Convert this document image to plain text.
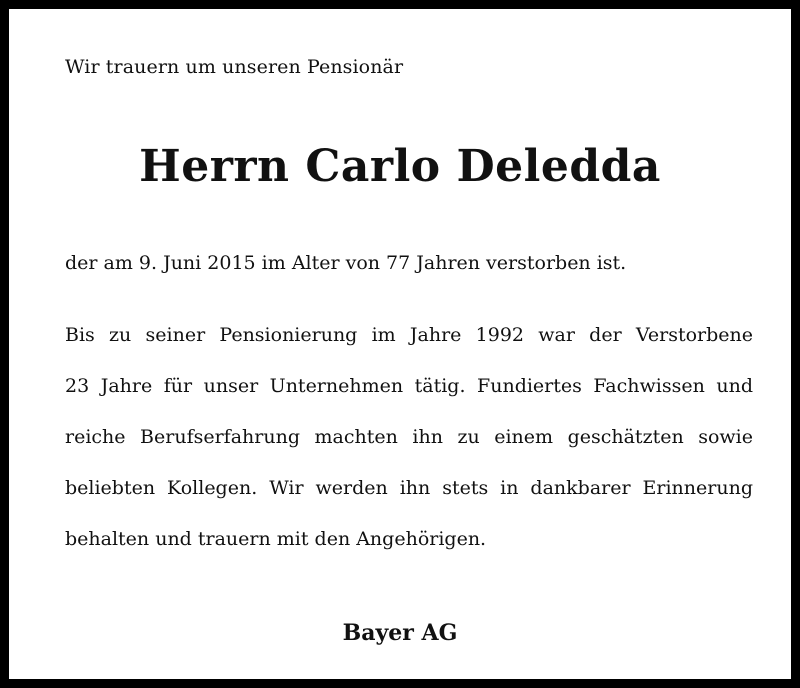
Wir trauern um unseren Pensionär
Herrn Carlo Deledda
der am 9. Juni 2015 im Alter von 77 Jahren verstorben ist.
Bis zu seiner Pensionierung im Jahre 1992 war der Verstorbene
23 Jahre für unser Unternehmen tätig. Fundiertes Fachwissen und
reiche Berufserfahrung machten ihn zu einem geschätzten sowie
beliebten Kollegen. Wir werden ihn stets in dankbarer Erinnerung
behalten und trauern mit den Angehörigen.
Bayer AG
